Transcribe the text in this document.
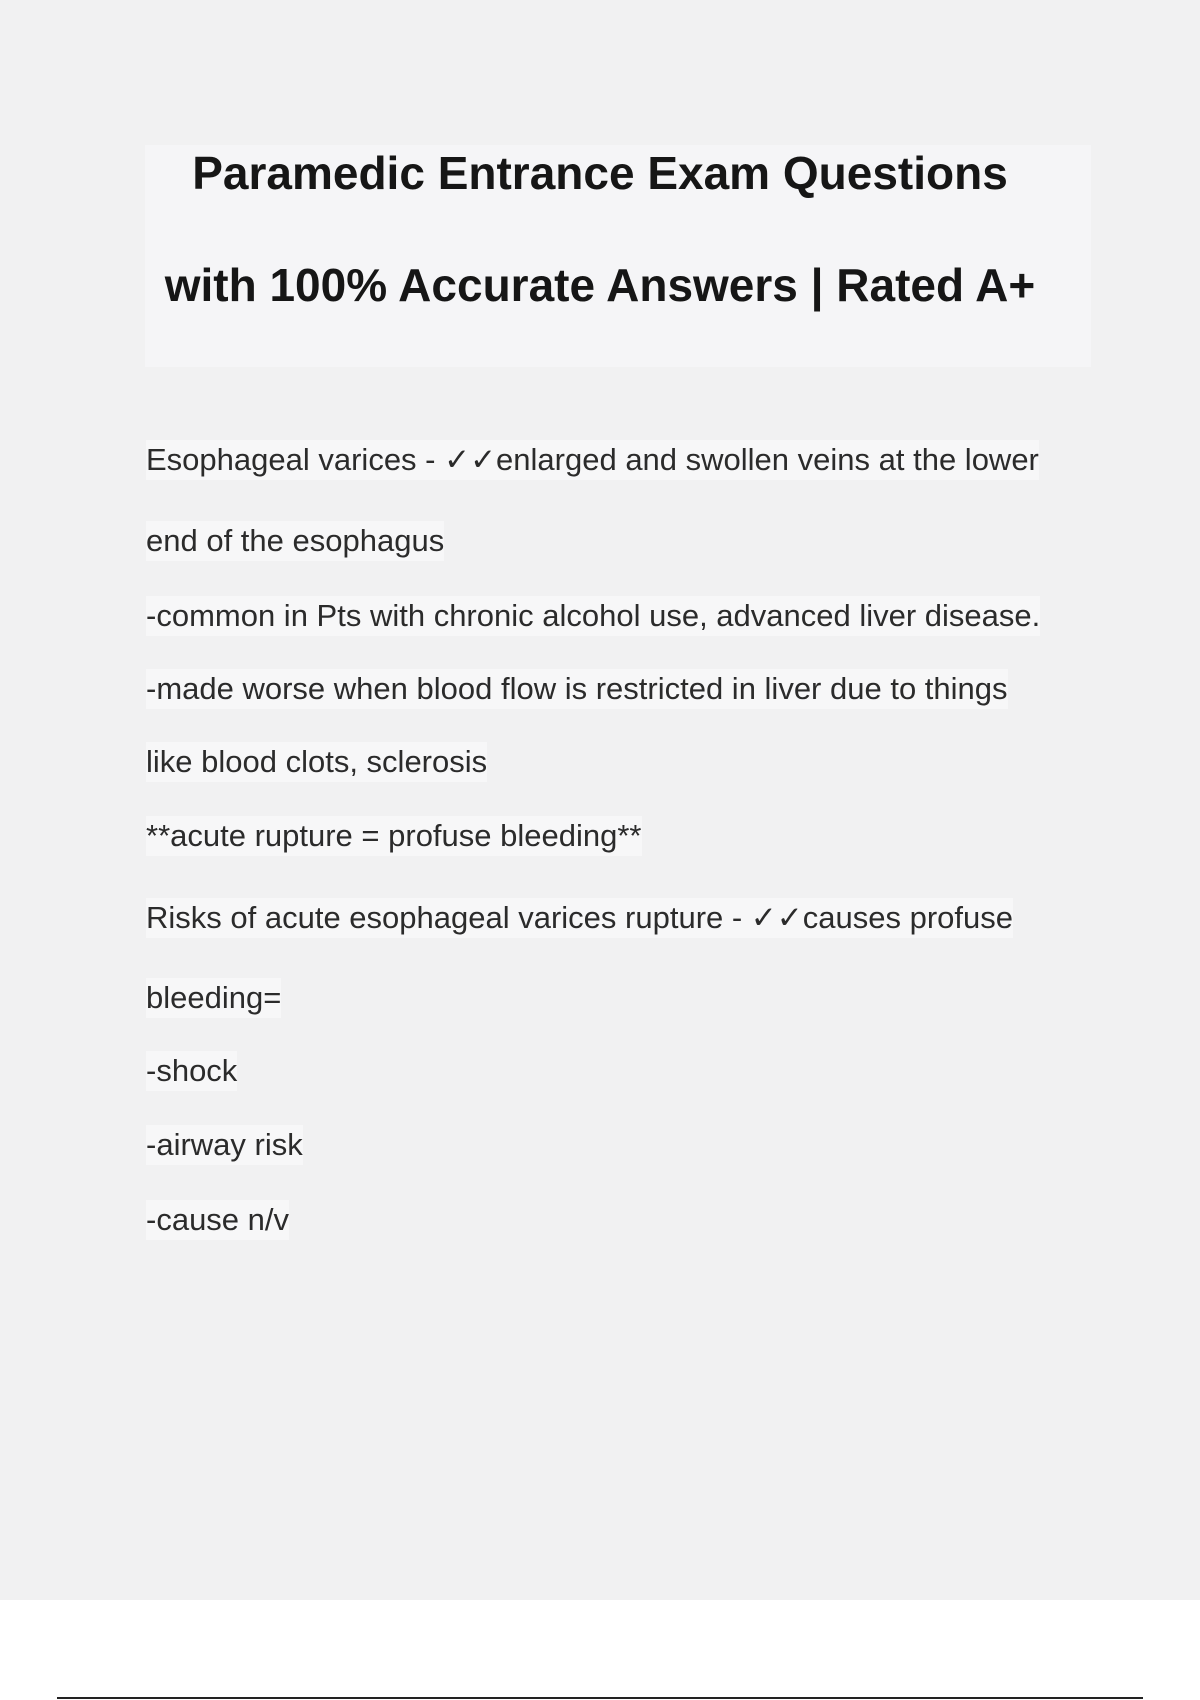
Paramedic Entrance Exam Questions
with 100% Accurate Answers | Rated A+
Esophageal varices - ✓✓enlarged and swollen veins at the lower
end of the esophagus
-common in Pts with chronic alcohol use, advanced liver disease.
-made worse when blood flow is restricted in liver due to things
like blood clots, sclerosis
**acute rupture = profuse bleeding**
Risks of acute esophageal varices rupture - ✓✓causes profuse
bleeding=
-shock
-airway risk
-cause n/v
